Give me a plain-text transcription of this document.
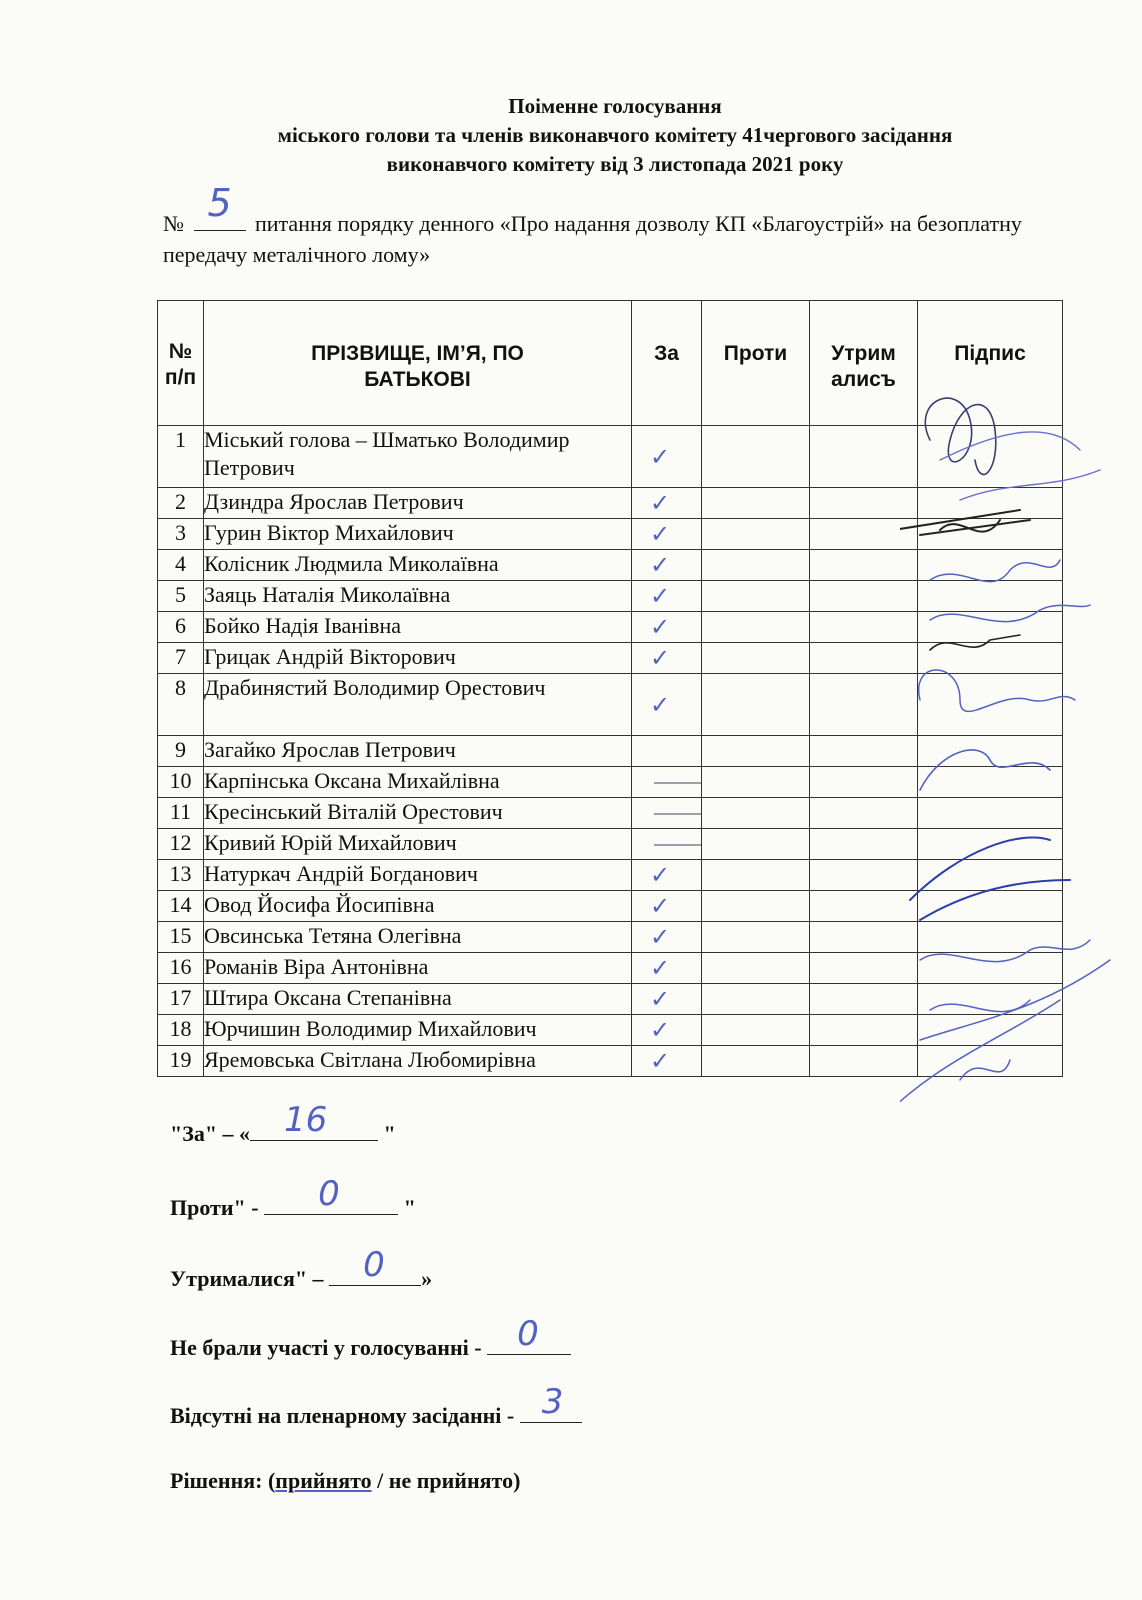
Поіменне голосування
міського голови та членів виконавчого комітету 41чергового засідання
виконавчого комітету від 3 листопада 2021 року
№ 5 питання порядку денного «Про надання дозволу КП «Благоустрій» на безоплатну передачу металічного лому»
№ п/п	ПРІЗВИЩЕ, ІМ’Я, ПО БАТЬКОВІ	За	Проти	Утрим алисъ	Підпис
1	Міський голова – Шматько Володимир Петрович	✓			

2	Дзиндра Ярослав Петрович	✓			

3	Гурин Віктор Михайлович	✓			

4	Колісник Людмила Миколаївна	✓			

5	Заяць Наталія Миколаївна	✓			

6	Бойко Надія Іванівна	✓			

7	Грицак Андрій Вікторович	✓			

8	Драбинястий Володимир Орестович	✓			

9	Загайко Ярослав Петрович				
10	Карпінська Оксана Михайлівна	

11	Кресінський Віталій Орестович	

12	Кривий Юрій Михайлович	

13	Натуркач Андрій Богданович	✓			

14	Овод Йосифа Йосипівна	✓			

15	Овсинська Тетяна Олегівна	✓			

16	Романів Віра Антонівна	✓			

17	Штира Оксана Степанівна	✓			

18	Юрчишин Володимир Михайлович	✓			

19	Яремовська Світлана Любомирівна	✓			

"За" – « 16 "
Проти" - 0	"
Утрималися" – 0 »
Не брали участі у голосуванні - 0
Відсутні на пленарному засіданні - 3
Рішення: (прийнято / не прийнято)
